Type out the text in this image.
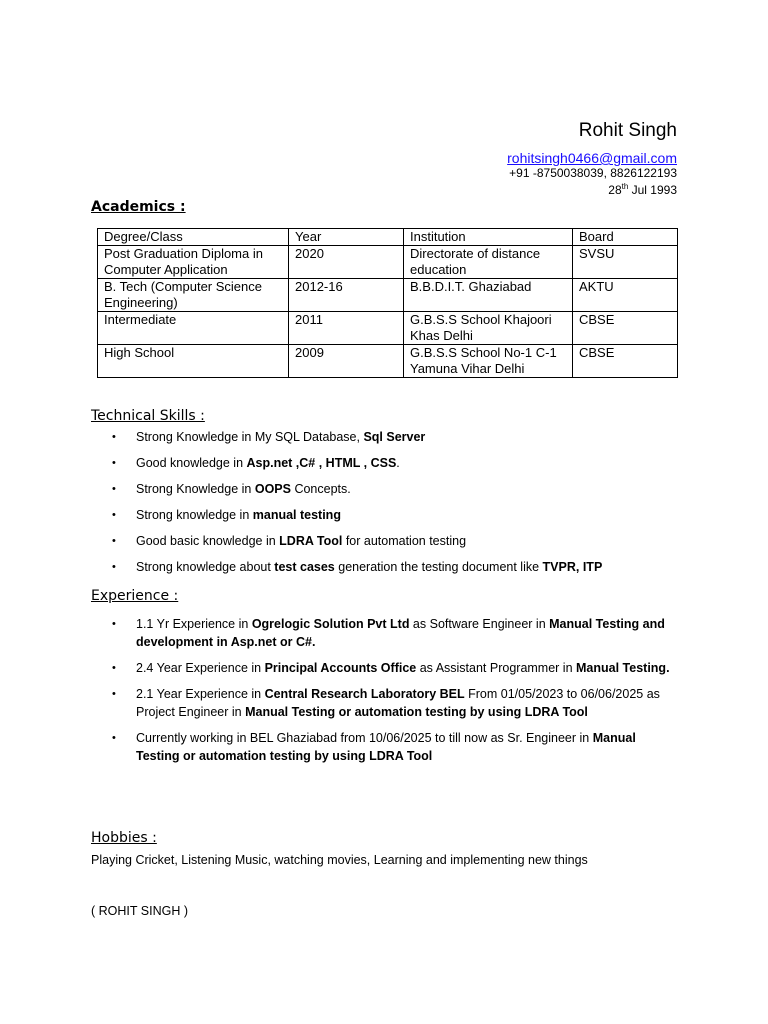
Rohit Singh
rohitsingh0466@gmail.com
+91 -8750038039, 8826122193
28th Jul 1993
Academics :
Degree/Class	Year	Institution	Board
Post Graduation Diploma in Computer Application	2020	Directorate of distance education	SVSU
B. Tech (Computer Science Engineering)	2012-16	B.B.D.I.T. Ghaziabad	AKTU
Intermediate	2011	G.B.S.S School Khajoori Khas Delhi	CBSE
High School	2009	G.B.S.S School No-1 C-1 Yamuna Vihar Delhi	CBSE
Technical Skills :
• Strong Knowledge in My SQL Database, Sql Server
• Good knowledge in Asp.net ,C# , HTML , CSS.
• Strong Knowledge in OOPS Concepts.
• Strong knowledge in manual testing
• Good basic knowledge in LDRA Tool for automation testing
• Strong knowledge about test cases generation the testing document like TVPR, ITP
Experience :
• 1.1 Yr Experience in Ogrelogic Solution Pvt Ltd as Software Engineer in Manual Testing and development in Asp.net or C#.
• 2.4 Year Experience in Principal Accounts Office as Assistant Programmer in Manual Testing.
• 2.1 Year Experience in Central Research Laboratory BEL From 01/05/2023 to 06/06/2025 as Project Engineer in Manual Testing or automation testing by using LDRA Tool
• Currently working in BEL Ghaziabad from 10/06/2025 to till now as Sr. Engineer in Manual Testing or automation testing by using LDRA Tool
Hobbies :
Playing Cricket, Listening Music, watching movies, Learning and implementing new things
( ROHIT SINGH )
